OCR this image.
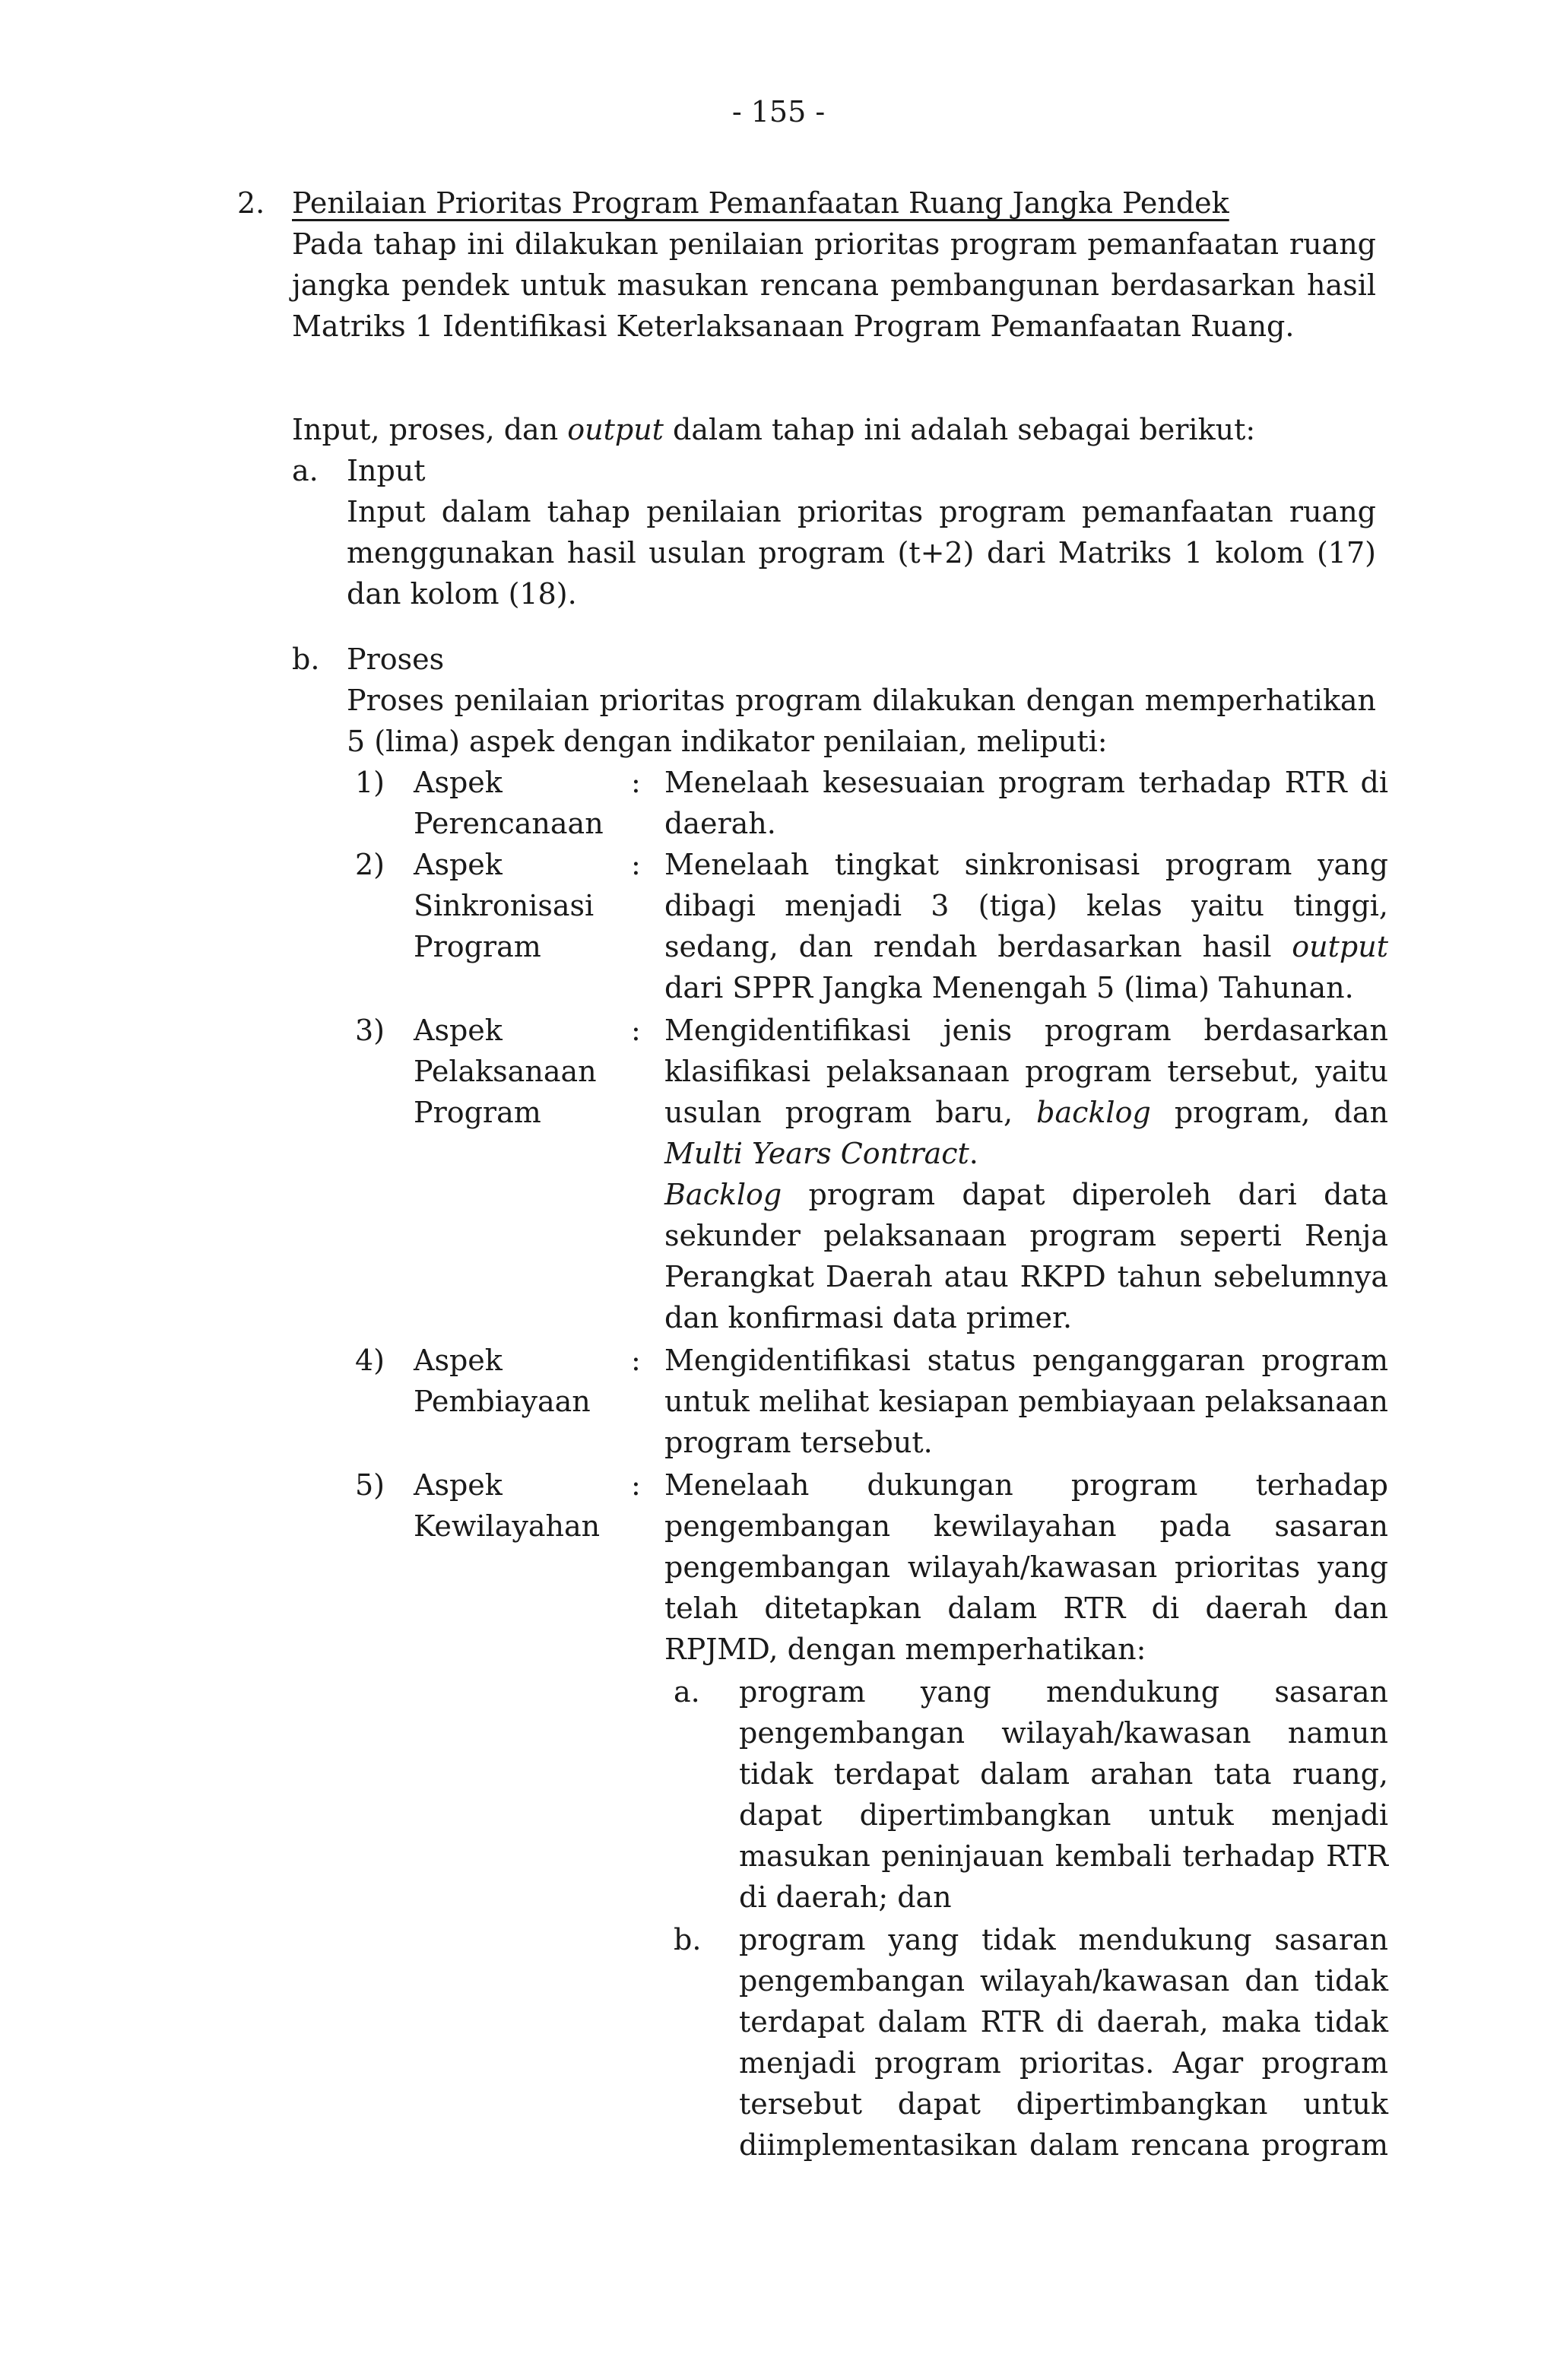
- 155 -
2. Penilaian Prioritas Program Pemanfaatan Ruang Jangka Pendek
Pada tahap ini dilakukan penilaian prioritas program pemanfaatan ruang jangka pendek untuk masukan rencana pembangunan berdasarkan hasil Matriks 1 Identifikasi Keterlaksanaan Program Pemanfaatan Ruang.
Input, proses, dan output dalam tahap ini adalah sebagai berikut:
a. Input
Input dalam tahap penilaian prioritas program pemanfaatan ruang menggunakan hasil usulan program (t+2) dari Matriks 1 kolom (17) dan kolom (18).
b. Proses
Proses penilaian prioritas program dilakukan dengan memperhatikan 5 (lima) aspek dengan indikator penilaian, meliputi:
1) Aspek Perencanaan
: Menelaah kesesuaian program terhadap RTR di daerah.
2) Aspek Sinkronisasi Program
: Menelaah tingkat sinkronisasi program yang dibagi menjadi 3 (tiga) kelas yaitu tinggi, sedang, dan rendah berdasarkan hasil output dari SPPR Jangka Menengah 5 (lima) Tahunan.
3) Aspek Pelaksanaan Program
: Mengidentifikasi jenis program berdasarkan klasifikasi pelaksanaan program tersebut, yaitu usulan program baru, backlog program, dan Multi Years Contract.
Backlog program dapat diperoleh dari data sekunder pelaksanaan program seperti Renja Perangkat Daerah atau RKPD tahun sebelumnya dan konfirmasi data primer.
4) Aspek Pembiayaan
: Mengidentifikasi status penganggaran program untuk melihat kesiapan pembiayaan pelaksanaan program tersebut.
5) Aspek Kewilayahan
: Menelaah dukungan program terhadap pengembangan kewilayahan pada sasaran pengembangan wilayah/kawasan prioritas yang telah ditetapkan dalam RTR di daerah dan RPJMD, dengan memperhatikan:
a. program yang mendukung sasaran pengembangan wilayah/kawasan namun tidak terdapat dalam arahan tata ruang, dapat dipertimbangkan untuk menjadi masukan peninjauan kembali terhadap RTR di daerah; dan
b. program yang tidak mendukung sasaran pengembangan wilayah/kawasan dan tidak terdapat dalam RTR di daerah, maka tidak menjadi program prioritas. Agar program tersebut dapat dipertimbangkan untuk diimplementasikan dalam rencana program
